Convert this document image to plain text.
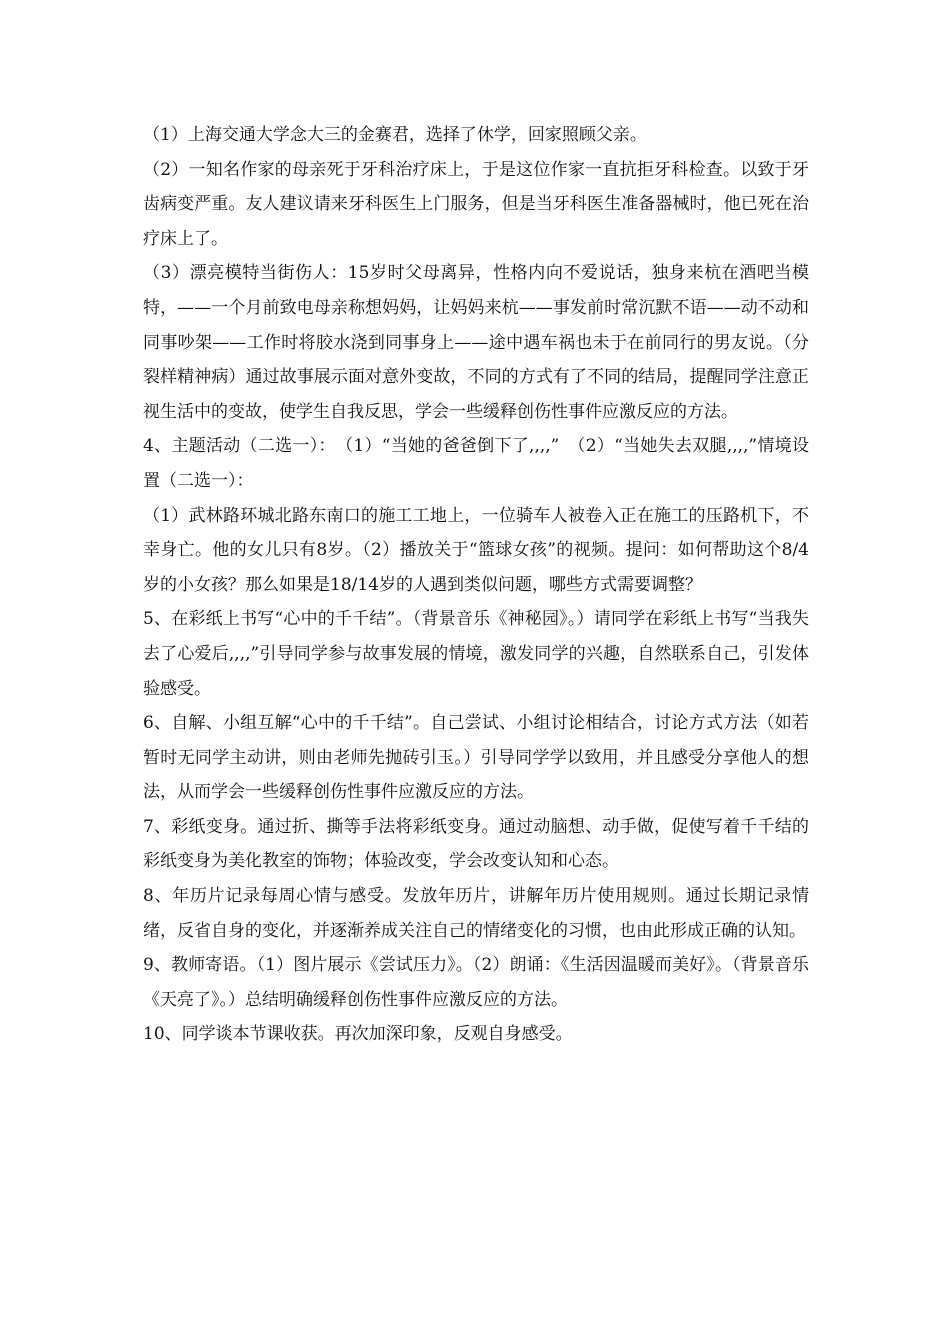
（1）上海交通大学念大三的金赛君，选择了休学，回家照顾父亲。

（2）一知名作家的母亲死于牙科治疗床上，于是这位作家一直抗拒牙科检查。以致于牙齿病变严重。友人建议请来牙科医生上门服务，但是当牙科医生准备器械时，他已死在治疗床上了。

（3）漂亮模特当街伤人：15岁时父母离异，性格内向不爱说话，独身来杭在酒吧当模特，——一个月前致电母亲称想妈妈，让妈妈来杭——事发前时常沉默不语——动不动和同事吵架——工作时将胶水浇到同事身上——途中遇车祸也未于在前同行的男友说。（分裂样精神病）通过故事展示面对意外变故，不同的方式有了不同的结局，提醒同学注意正视生活中的变故，使学生自我反思，学会一些缓释创伤性事件应激反应的方法。

4、主题活动（二选一）：　（1）“当她的爸爸倒下了,,,,”　（2）“当她失去双腿,,,,”情境设置（二选一）：

（1）武林路环城北路东南口的施工工地上，一位骑车人被卷入正在施工的压路机下，不幸身亡。他的女儿只有8岁。（2）播放关于“篮球女孩”的视频。提问：如何帮助这个8/4岁的小女孩？那么如果是18/14岁的人遇到类似问题，哪些方式需要调整？

5、在彩纸上书写“心中的千千结”。（背景音乐《神秘园》。）请同学在彩纸上书写“当我失去了心爱后,,,,”引导同学参与故事发展的情境，激发同学的兴趣，自然联系自己，引发体验感受。

6、自解、小组互解“心中的千千结”。自己尝试、小组讨论相结合，讨论方式方法（如若暂时无同学主动讲，则由老师先抛砖引玉。）引导同学学以致用，并且感受分享他人的想法，从而学会一些缓释创伤性事件应激反应的方法。

7、彩纸变身。通过折、撕等手法将彩纸变身。通过动脑想、动手做，促使写着千千结的彩纸变身为美化教室的饰物；体验改变，学会改变认知和心态。

8、年历片记录每周心情与感受。发放年历片，讲解年历片使用规则。通过长期记录情绪，反省自身的变化，并逐渐养成关注自己的情绪变化的习惯，也由此形成正确的认知。

9、教师寄语。（1）图片展示《尝试压力》。（2）朗诵：《生活因温暖而美好》。（背景音乐《天亮了》。）总结明确缓释创伤性事件应激反应的方法。

10、同学谈本节课收获。再次加深印象，反观自身感受。
